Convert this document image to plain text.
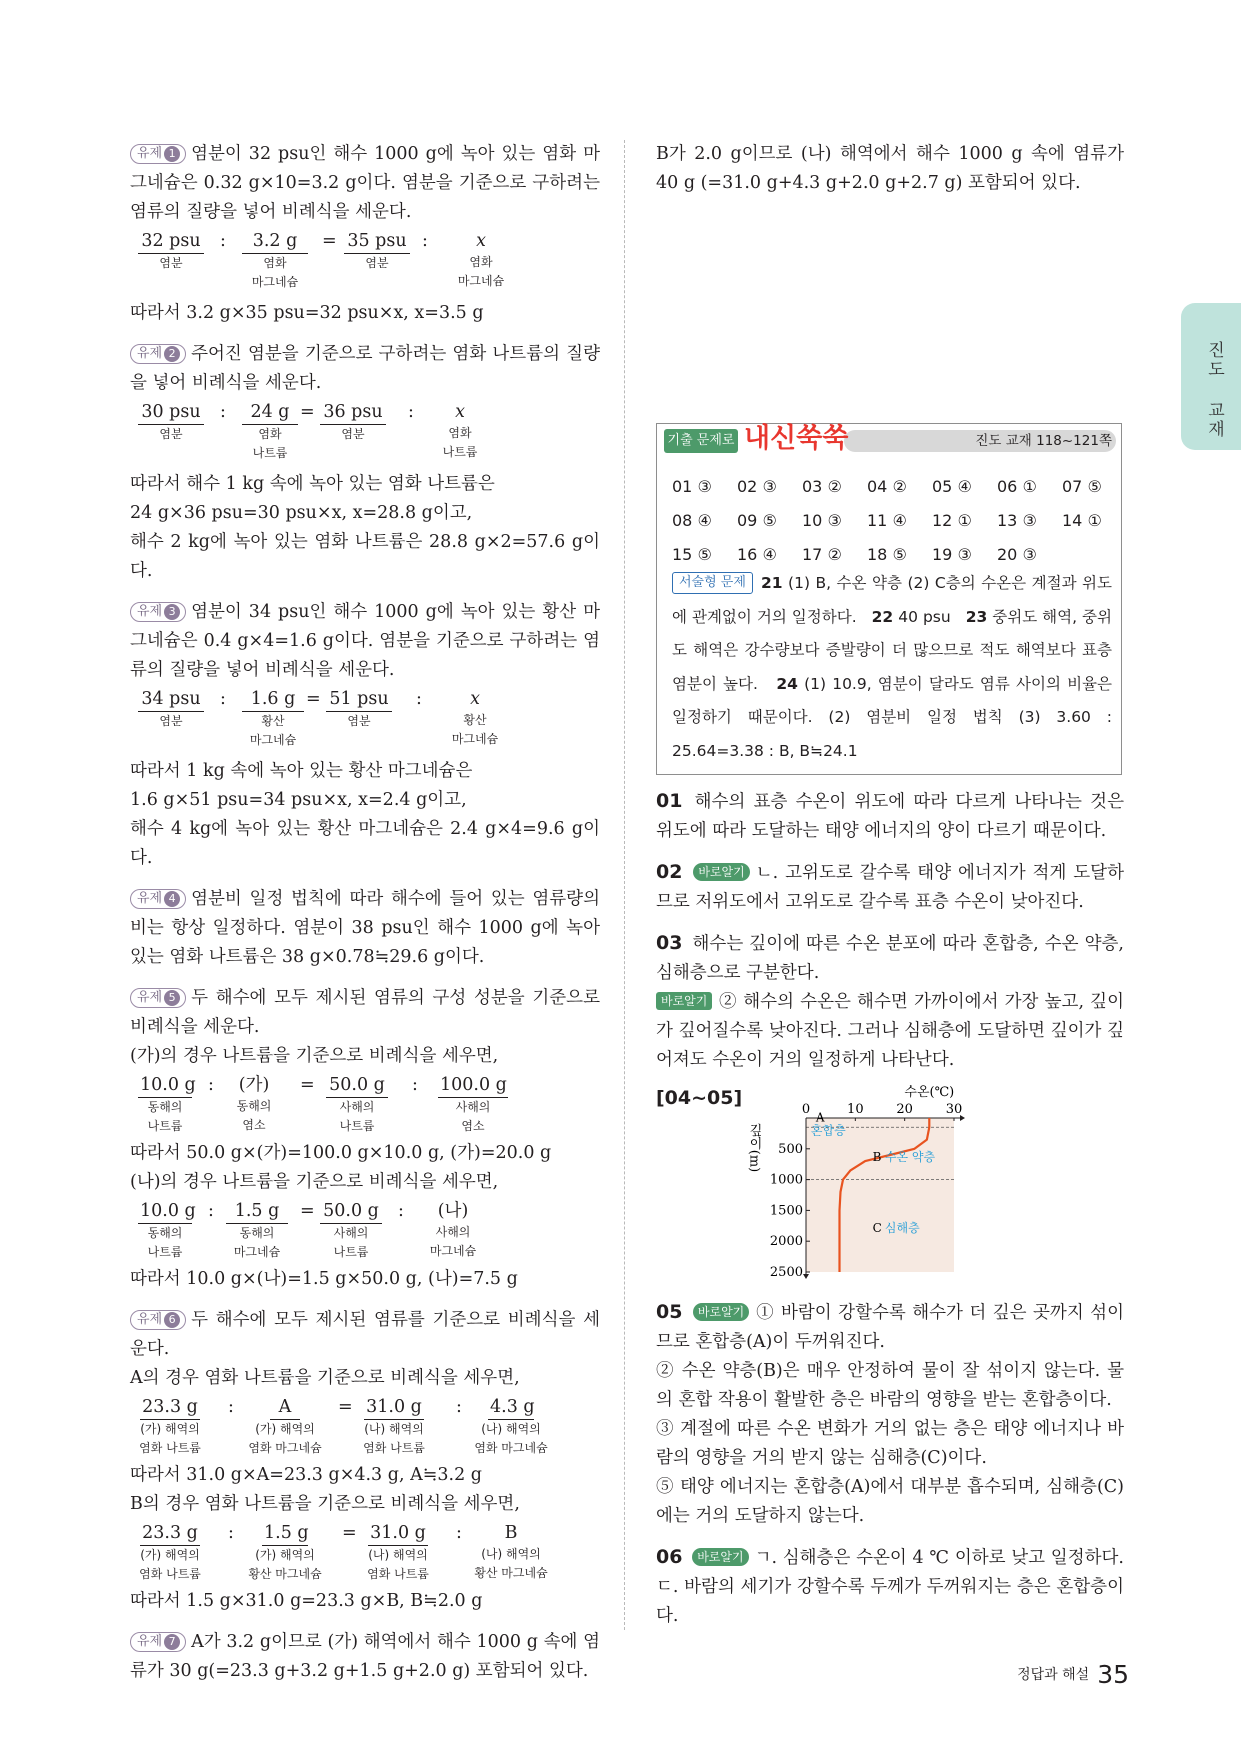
진도 교재

유제 1 염분이 32 psu인 해수 1000 g에 녹아 있는 염화 마그네슘은 0.32 g×10=3.2 g이다. 염분을 기준으로 구하려는 염류의 질량을 넣어 비례식을 세운다.

32 psu
염분
:	3.2 g
염화
마그네슘
= 35 psu
염분
:	x
염화
마그네슘

따라서 3.2 g×35 psu=32 psu×x, x=3.5 g

유제 2 주어진 염분을 기준으로 구하려는 염화 나트륨의 질량을 넣어 비례식을 세운다.

30 psu
염분
:	24 g
염화
나트륨
= 36 psu
염분
:	x
염화
나트륨

따라서 해수 1 kg 속에 녹아 있는 염화 나트륨은

24 g×36 psu=30 psu×x, x=28.8 g이고,

해수 2 kg에 녹아 있는 염화 나트륨은 28.8 g×2=57.6 g이다.

유제 3 염분이 34 psu인 해수 1000 g에 녹아 있는 황산 마그네슘은 0.4 g×4=1.6 g이다. 염분을 기준으로 구하려는 염류의 질량을 넣어 비례식을 세운다.

34 psu
염분
:	1.6 g
황산
마그네슘
= 51 psu
염분
:	x
황산
마그네슘

따라서 1 kg 속에 녹아 있는 황산 마그네슘은

1.6 g×51 psu=34 psu×x, x=2.4 g이고,

해수 4 kg에 녹아 있는 황산 마그네슘은 2.4 g×4=9.6 g이다.

유제 4 염분비 일정 법칙에 따라 해수에 들어 있는 염류량의 비는 항상 일정하다. 염분이 38 psu인 해수 1000 g에 녹아 있는 염화 나트륨은 38 g×0.78≒29.6 g이다.

유제 5 두 해수에 모두 제시된 염류의 구성 성분을 기준으로 비례식을 세운다.

(가)의 경우 나트륨을 기준으로 비례식을 세우면,

10.0 g
동해의
나트륨
:	(가)
동해의
염소
= 50.0 g
사해의
나트륨
: 100.0 g
사해의
염소

따라서 50.0 g×(가)=100.0 g×10.0 g, (가)=20.0 g

(나)의 경우 나트륨을 기준으로 비례식을 세우면,

10.0 g
동해의
나트륨
:	1.5 g
동해의
마그네슘
= 50.0 g
사해의
나트륨
:	(나)
사해의
마그네슘

따라서 10.0 g×(나)=1.5 g×50.0 g, (나)=7.5 g

유제 6 두 해수에 모두 제시된 염류를 기준으로 비례식을 세운다.

A의 경우 염화 나트륨을 기준으로 비례식을 세우면,

23.3 g
(가) 해역의
염화 나트륨
:	A
(가) 해역의
염화 마그네슘
= 31.0 g
(나) 해역의
염화 나트륨
: 4.3 g
(나) 해역의
염화 마그네슘

따라서 31.0 g×A=23.3 g×4.3 g, A≒3.2 g

B의 경우 염화 나트륨을 기준으로 비례식을 세우면,

23.3 g
(가) 해역의
염화 나트륨
: 1.5 g
(가) 해역의
황산 마그네슘
= 31.0 g
(나) 해역의
염화 나트륨
:	B
(나) 해역의
황산 마그네슘

따라서 1.5 g×31.0 g=23.3 g×B, B≒2.0 g

유제 7 A가 3.2 g이므로 (가) 해역에서 해수 1000 g 속에 염류가 30 g(=23.3 g+3.2 g+1.5 g+2.0 g) 포함되어 있다.

B가 2.0 g이므로 (나) 해역에서 해수 1000 g 속에 염류가 40 g (=31.0 g+4.3 g+2.0 g+2.7 g) 포함되어 있다.

기출 문제로 내신쑥쑥	진도 교재 118~121쪽
01 ③ 02 ③ 03 ② 04 ② 05 ④ 06 ① 07 ⑤
08 ④ 09 ⑤ 10 ③ 11 ④ 12 ① 13 ③ 14 ①
15 ⑤ 16 ④ 17 ② 18 ⑤ 19 ③ 20 ③
서술형 문제 21 (1) B, 수온 약층 (2) C층의 수온은 계절과 위도에 관계없이 거의 일정하다. 22 40 psu 23 중위도 해역, 중위도 해역은 강수량보다 증발량이 더 많으므로 적도 해역보다 표층 염분이 높다. 24 (1) 10.9, 염분이 달라도 염류 사이의 비율은 일정하기 때문이다. (2) 염분비 일정 법칙 (3) 3.60 : 25.64=3.38 : B, B≒24.1

01 해수의 표층 수온이 위도에 따라 다르게 나타나는 것은 위도에 따라 도달하는 태양 에너지의 양이 다르기 때문이다.

02 바로알기 ㄴ. 고위도로 갈수록 태양 에너지가 적게 도달하므로 저위도에서 고위도로 갈수록 표층 수온이 낮아진다.

03 해수는 깊이에 따른 수온 분포에 따라 혼합층, 수온 약층, 심해층으로 구분한다.

바로알기 ② 해수의 수온은 해수면 가까이에서 가장 높고, 깊이가 깊어질수록 낮아진다. 그러나 심해층에 도달하면 깊이가 깊어져도 수온이 거의 일정하게 나타난다.

[04~05]
0	10	20	30
수온(℃)
500
1000
1500
2000
2500
깊이(m)
A
혼합층
B 수온 약층
C 심해층

05 바로알기 ① 바람이 강할수록 해수가 더 깊은 곳까지 섞이므로 혼합층(A)이 두꺼워진다.

② 수온 약층(B)은 매우 안정하여 물이 잘 섞이지 않는다. 물의 혼합 작용이 활발한 층은 바람의 영향을 받는 혼합층이다.

③ 계절에 따른 수온 변화가 거의 없는 층은 태양 에너지나 바람의 영향을 거의 받지 않는 심해층(C)이다.

⑤ 태양 에너지는 혼합층(A)에서 대부분 흡수되며, 심해층(C)에는 거의 도달하지 않는다.

06 바로알기 ㄱ. 심해층은 수온이 4 ℃ 이하로 낮고 일정하다. ㄷ. 바람의 세기가 강할수록 두께가 두꺼워지는 층은 혼합층이다.

정답과 해설 35
